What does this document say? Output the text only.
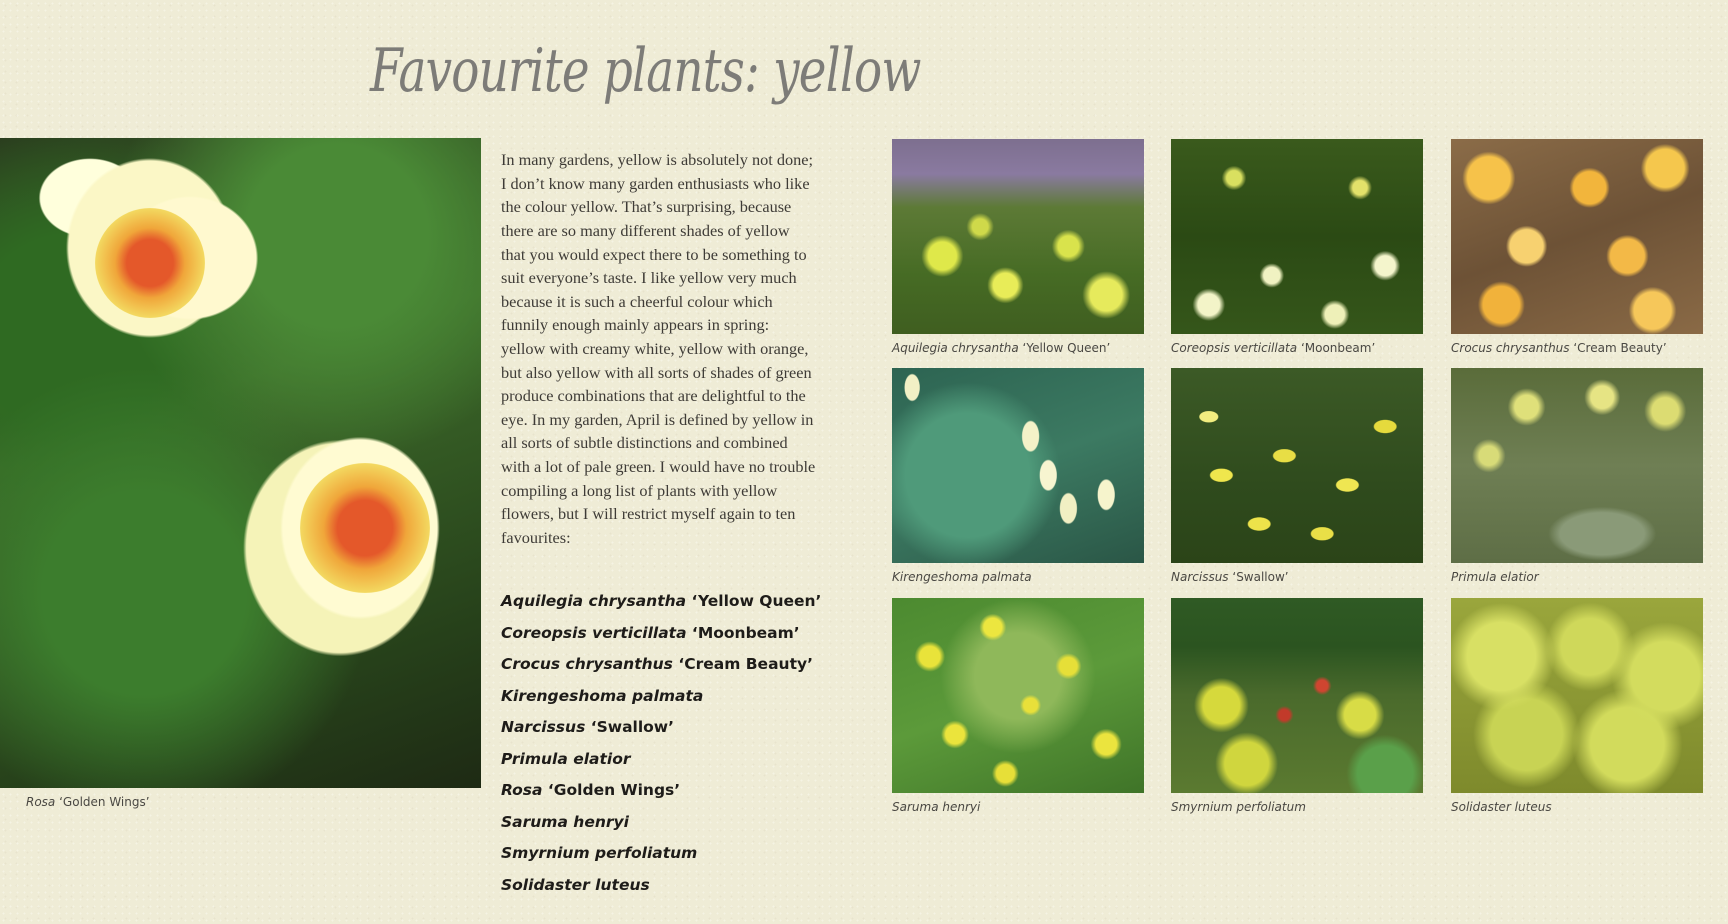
Favourite plants: yellow
Rosa ‘Golden Wings’

In many gardens, yellow is absolutely not done; I don’t know many garden enthusiasts who like the colour yellow. That’s surprising, because there are so many different shades of yellow that you would expect there to be something to suit everyone’s taste. I like yellow very much because it is such a cheerful colour which funnily enough mainly appears in spring: yellow with creamy white, yellow with orange, but also yellow with all sorts of shades of green produce combinations that are delightful to the eye. In my garden, April is defined by yellow in all sorts of subtle distinctions and combined with a lot of pale green. I would have no trouble compiling a long list of plants with yellow flowers, but I will restrict myself again to ten favourites:

Aquilegia chrysantha ‘Yellow Queen’
Coreopsis verticillata ‘Moonbeam’
Crocus chrysanthus ‘Cream Beauty’
Kirengeshoma palmata
Narcissus ‘Swallow’
Primula elatior
Rosa ‘Golden Wings’
Saruma henryi
Smyrnium perfoliatum
Solidaster luteus
Aquilegia chrysantha ‘Yellow Queen’	Coreopsis verticillata ‘Moonbeam’	Crocus chrysanthus ‘Cream Beauty’
Kirengeshoma palmata	Narcissus ‘Swallow’	Primula elatior
Saruma henryi	Smyrnium perfoliatum	Solidaster luteus
